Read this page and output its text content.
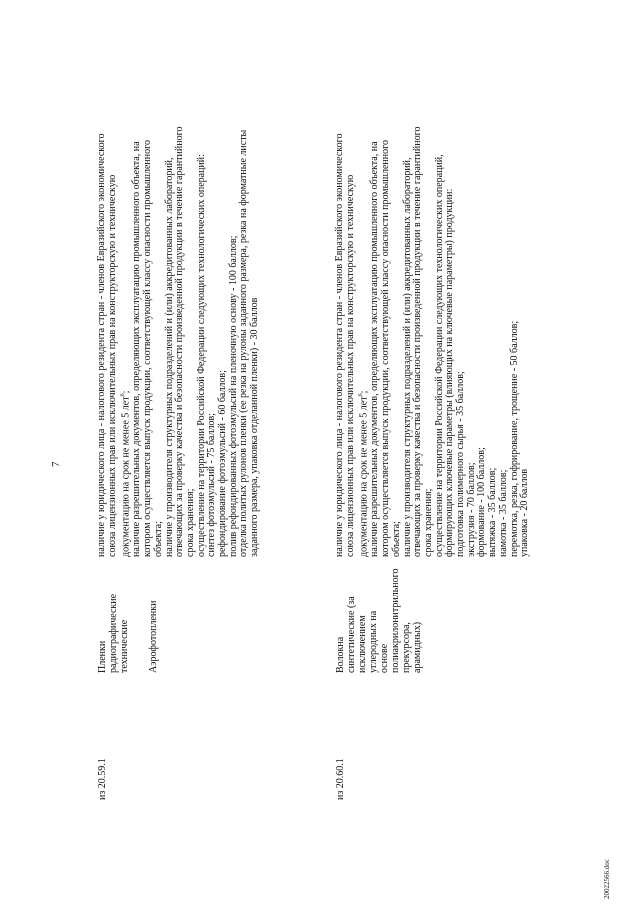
7
из 20.59.1
Пленки радиографические технические Аэрофотопленки
наличие у юридического лица - налогового резидента стран - членов Евразийского экономического союза лицензионных прав или исключительных прав на конструкторскую и техническую документацию на срок не менее 5 лет$^6$; наличие разрешительных документов, определяющих эксплуатацию промышленного объекта, на котором осуществляется выпуск продукции, соответствующей классу опасности промышленного объекта; наличие у производителя структурных подразделений и (или) аккредитованных лабораторий, отвечающих за проверку качества и безопасности произведенной продукции в течение гарантийного срока хранения; осуществление на территории Российской Федерации следующих технологических операций: синтез фотоэмульсий - 75 баллов; рефондирование фотоэмульсий - 60 баллов; полив рефондированных фотоэмульсий на пленочную основу - 100 баллов; отделка политых рулонов пленки (ее резка на рулоны заданного размера, резка на форматные листы заданного размера, упаковка отделанной пленки) - 30 баллов
из 20.60.1
Волокна синтетические (за исключением углеродных на основе полиакрилонитрильного прекурсора, арамидных)
наличие у юридического лица - налогового резидента стран - членов Евразийского экономического союза лицензионных прав или исключительных прав на конструкторскую и техническую документацию на срок не менее 5 лет$^6$; наличие разрешительных документов, определяющих эксплуатацию промышленного объекта, на котором осуществляется выпуск продукции, соответствующей классу опасности промышленного объекта; наличие у производителя структурных подразделений и (или) аккредитованных лабораторий, отвечающих за проверку качества и безопасности произведенной продукции в течение гарантийного срока хранения; осуществление на территории Российской Федерации следующих технологических операций, формирующих ключевые параметры (влияющих на ключевые параметры) продукции: подготовка полимерного сырья - 35 баллов; экструзия - 70 баллов; формование - 100 баллов; вытяжка - 35 баллов; намотка - 35 баллов; перемотка, резка, гофрирование, трощение - 50 баллов; упаковка - 20 баллов
20022566.doc
